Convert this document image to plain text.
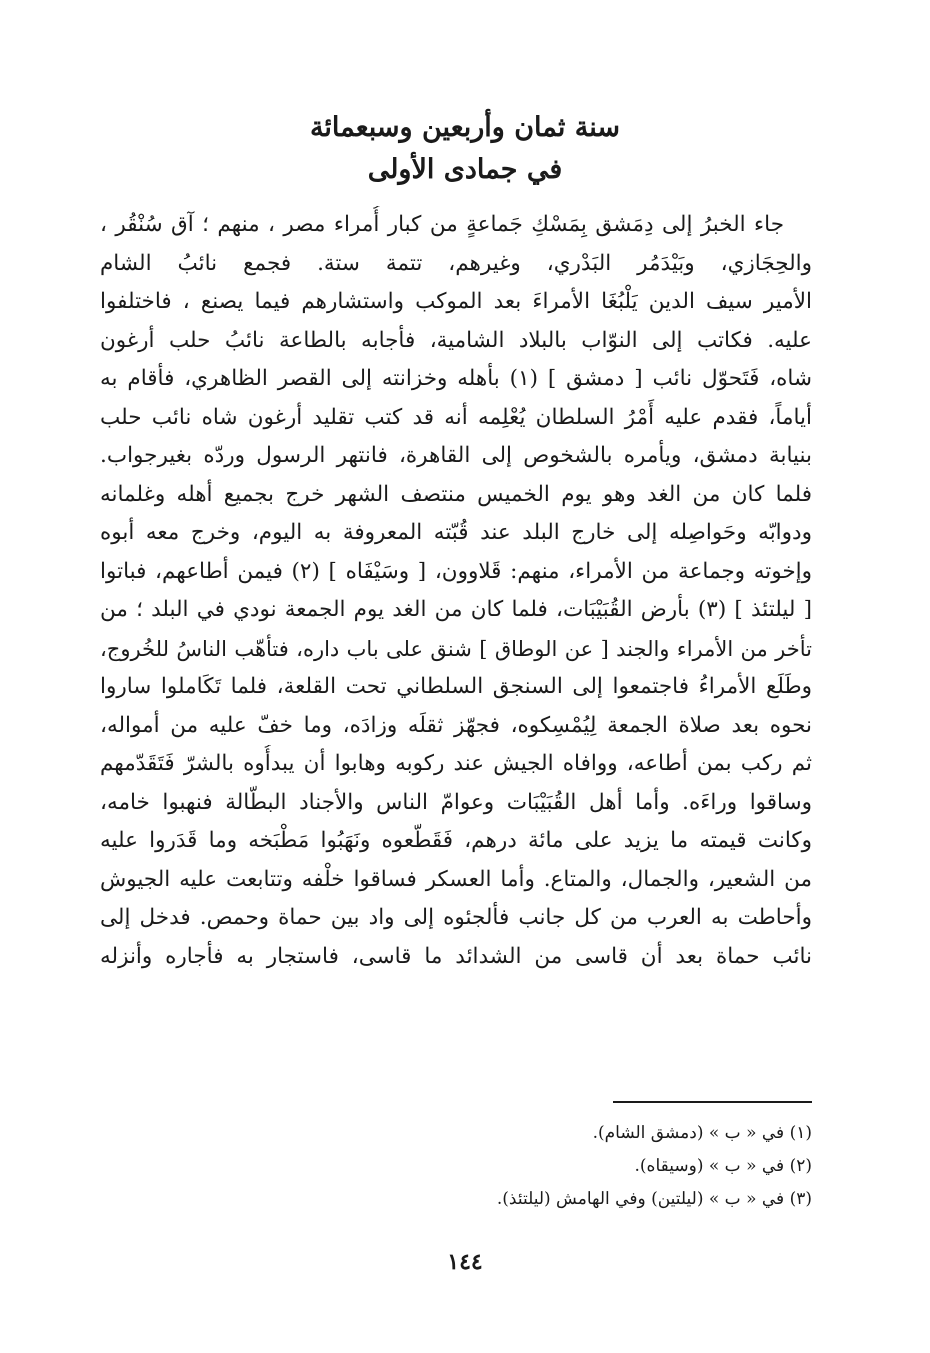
سنة ثمان وأربعين وسبعمائة
في جمادى الأولى
جاء الخبرُ إلى دِمَشق بِمَسْكِ جَماعةٍ من كبار أُمراء مصر ، منهم ؛ آق سُنْقُر ،
والحِجَازي، وبَيْدَمُر البَدْري، وغيرهم، تتمة ستة. فجمع نائبُ الشام
الأمير سيف الدين يَلْبُغَا الأمراءَ بعد الموكب واستشارهم فيما يصنع ، فاختلفوا
عليه. فكاتب إلى النوّاب بالبلاد الشامية، فأجابه بالطاعة نائبُ حلب أرغون
شاه، فَتَحوّل نائب [ دمشق ] (١) بأهله وخزانته إلى القصر الظاهري، فأقام به
أياماً، فقدم عليه أَمْرُ السلطان يُعْلِمه أنه قد كتب تقليد أرغون شاه نائب حلب
بنيابة دمشق، ويأمره بالشخوص إلى القاهرة، فانتهر الرسول وردّه بغيرجواب.
فلما كان من الغد وهو يوم الخميس منتصف الشهر خرج بجميع أهله وغلمانه
ودوابّه وحَواصِله إلى خارج البلد عند قُبّته المعروفة به اليوم، وخرج معه أبوه
وإخوته وجماعة من الأمراء، منهم: قَلاوون، [ وسَيْفَاه ] (٢) فيمن أطاعهم، فباتوا
[ ليلتئذ ] (٣) بأرض القُبَيْبَات، فلما كان من الغد يوم الجمعة نودي في البلد ؛ من
تأخر من الأمراء والجند [ عن الوطاق ] شنق على باب داره، فتأهّب الناسُ للخُروج،
وطَلَع الأمراءُ فاجتمعوا إلى السنجق السلطاني تحت القلعة، فلما تَكَاملوا ساروا
نحوه بعد صلاة الجمعة لِيُمْسِكوه، فجهّز ثقلَه وزادَه، وما خفّ عليه من أمواله،
ثم ركب بمن أطاعه، ووافاه الجيش عند ركوبه وهابوا أن يبدأُوه بالشرّ فَتَقَدّمهم
وساقوا وراءَه. وأما أهل القُبَيْبَات وعوامّ الناس والأجناد البطّالة فنهبوا خامه،
وكانت قيمته ما يزيد على مائة درهم، فَقَطّعوه ونَهَبُوا مَطْبَخه وما قَدَروا عليه
من الشعير، والجمال، والمتاع. وأما العسكر فساقوا خلْفه وتتابعت عليه الجيوش
وأحاطت به العرب من كل جانب فألجئوه إلى واد بين حماة وحمص. فدخل إلى
نائب حماة بعد أن قاسى من الشدائد ما قاسى، فاستجار به فأجاره وأنزله
(١) في « ب » (دمشق الشام).
(٢) في « ب » (وسيقاه).
(٣) في « ب » (ليلتين) وفي الهامش (ليلتئذ).
١٤٤
